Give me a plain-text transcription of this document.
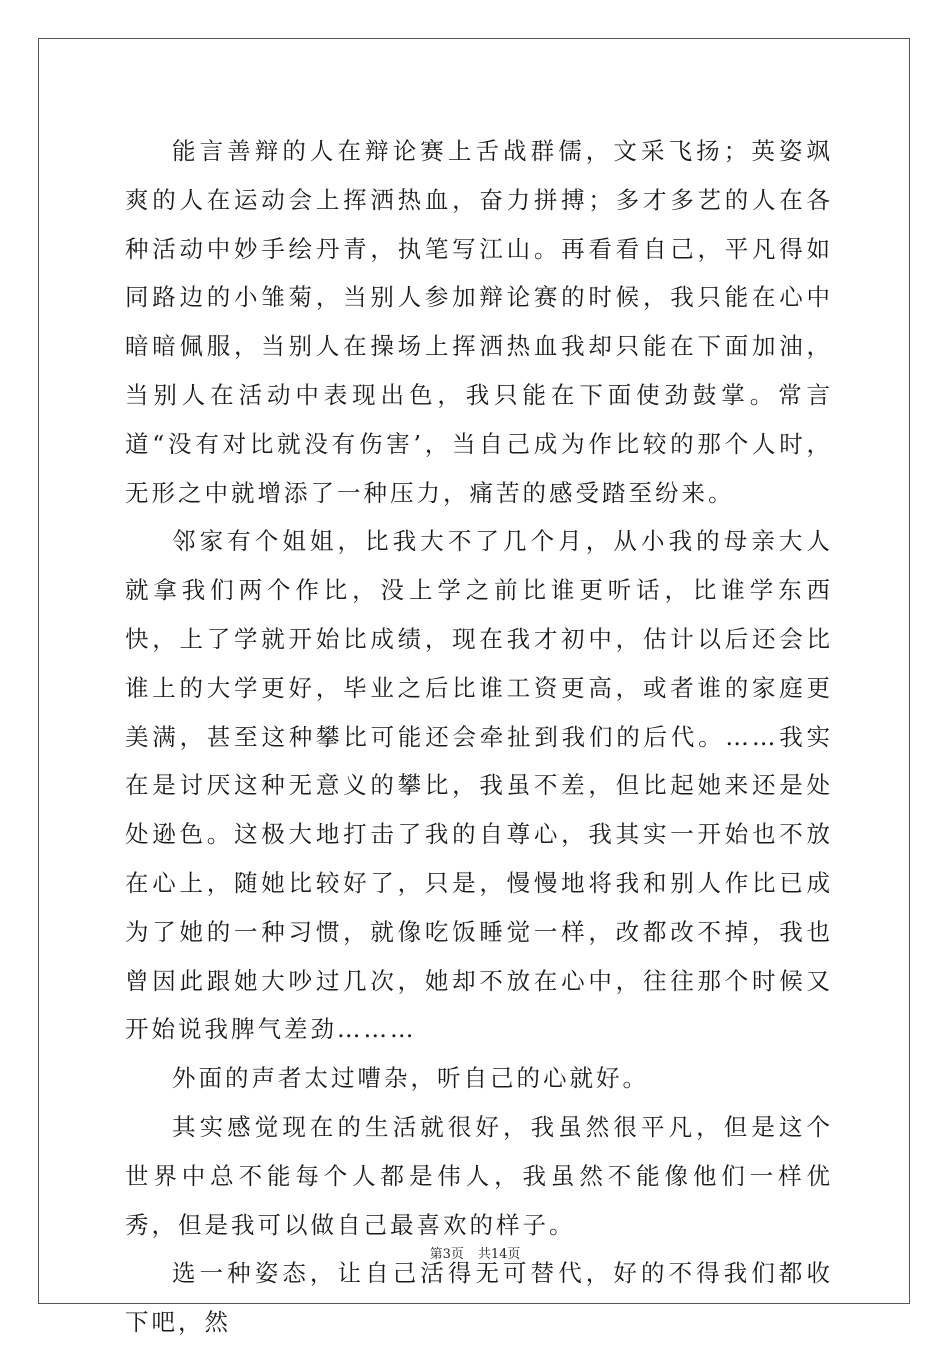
能言善辩的人在辩论赛上舌战群儒，文采飞扬；英姿飒爽的人在运动会上挥洒热血，奋力拼搏；多才多艺的人在各种活动中妙手绘丹青，执笔写江山。再看看自己，平凡得如同路边的小雏菊，当别人参加辩论赛的时候，我只能在心中暗暗佩服，当别人在操场上挥洒热血我却只能在下面加油，当别人在活动中表现出色，我只能在下面使劲鼓掌。常言道“没有对比就没有伤害’，当自己成为作比较的那个人时，无形之中就增添了一种压力，痛苦的感受踏至纷来。

邻家有个姐姐，比我大不了几个月，从小我的母亲大人就拿我们两个作比，没上学之前比谁更听话，比谁学东西快，上了学就开始比成绩，现在我才初中，估计以后还会比谁上的大学更好，毕业之后比谁工资更高，或者谁的家庭更美满，甚至这种攀比可能还会牵扯到我们的后代。……我实在是讨厌这种无意义的攀比，我虽不差，但比起她来还是处处逊色。这极大地打击了我的自尊心，我其实一开始也不放在心上，随她比较好了，只是，慢慢地将我和别人作比已成为了她的一种习惯，就像吃饭睡觉一样，改都改不掉，我也曾因此跟她大吵过几次，她却不放在心中，往往那个时候又开始说我脾气差劲………

外面的声者太过嘈杂，听自己的心就好。

其实感觉现在的生活就很好，我虽然很平凡，但是这个世界中总不能每个人都是伟人，我虽然不能像他们一样优秀，但是我可以做自己最喜欢的样子。

选一种姿态，让自己活得无可替代，好的不得我们都收下吧，然

第3页 共14页
